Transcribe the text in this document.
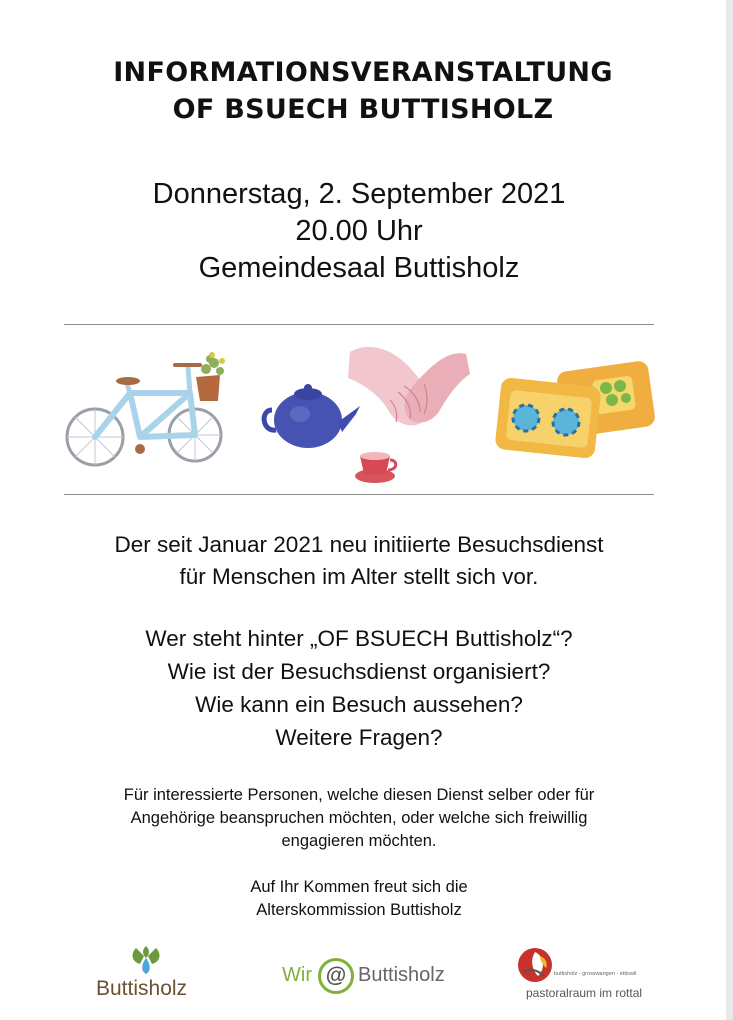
INFORMATIONSVERANSTALTUNG
OF BSUECH BUTTISHOLZ
Donnerstag, 2. September 2021
20.00 Uhr
Gemeindesaal Buttisholz
Der seit Januar 2021 neu initiierte Besuchsdienst
für Menschen im Alter stellt sich vor.
Wer steht hinter „OF BSUECH Buttisholz“?
Wie ist der Besuchsdienst organisiert?
Wie kann ein Besuch aussehen?
Weitere Fragen?
Für interessierte Personen, welche diesen Dienst selber oder für
Angehörige beanspruchen möchten, oder welche sich freiwillig
engagieren möchten.
Auf Ihr Kommen freut sich die
Alterskommission Buttisholz
Buttisholz
Wir @ Buttisholz	buttisholz · grosswangen · ettiswil
pastoralraum im rottal
